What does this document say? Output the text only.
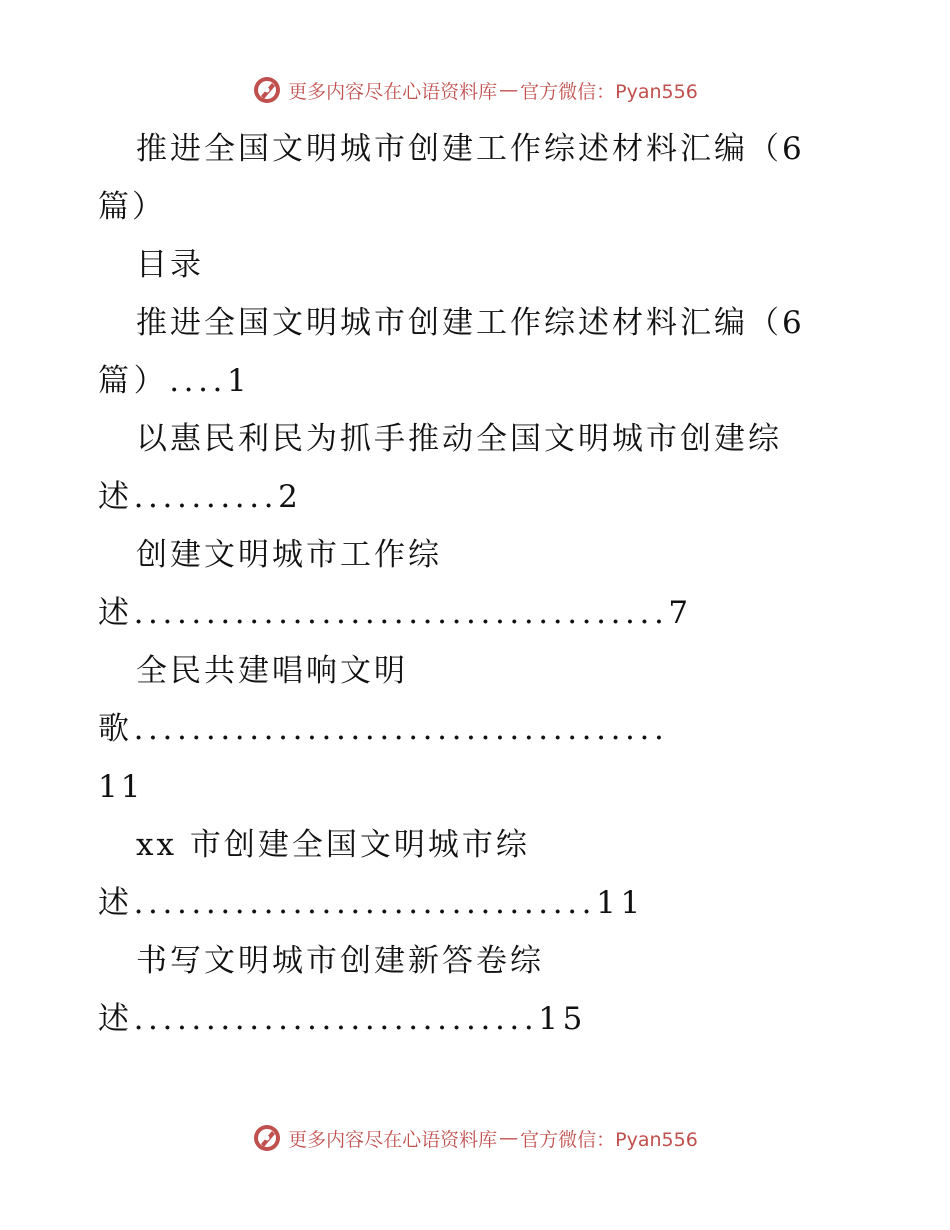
更多内容尽在心语资料库 — 官方微信：Pyan556
推进全国文明城市创建工作综述材料汇编（6
篇）
目录
推进全国文明城市创建工作综述材料汇编（6
篇）....1
以惠民利民为抓手推动全国文明城市创建综
述..........2
创建文明城市工作综
述.....................................7
全民共建唱响文明
歌.....................................
11
xx 市创建全国文明城市综
述................................11
书写文明城市创建新答卷综
述............................15
更多内容尽在心语资料库 — 官方微信：Pyan556
